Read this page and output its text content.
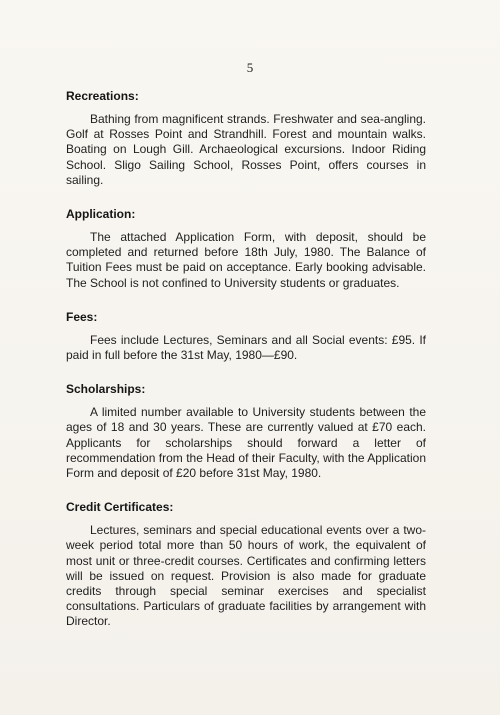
5
Recreations:

Bathing from magnificent strands. Freshwater and sea-angling. Golf at Rosses Point and Strandhill. Forest and mountain walks. Boating on Lough Gill. Archaeological excursions. Indoor Riding School. Sligo Sailing School, Rosses Point, offers courses in sailing.

Application:

The attached Application Form, with deposit, should be completed and returned before 18th July, 1980. The Balance of Tuition Fees must be paid on acceptance. Early booking advisable. The School is not confined to University students or graduates.

Fees:

Fees include Lectures, Seminars and all Social events: £95. If paid in full before the 31st May, 1980—£90.

Scholarships:

A limited number available to University students between the ages of 18 and 30 years. These are currently valued at £70 each. Applicants for scholarships should forward a letter of recommendation from the Head of their Faculty, with the Application Form and deposit of £20 before 31st May, 1980.

Credit Certificates:

Lectures, seminars and special educational events over a two-week period total more than 50 hours of work, the equivalent of most unit or three-credit courses. Certificates and confirming letters will be issued on request. Provision is also made for graduate credits through special seminar exercises and specialist consultations. Particulars of graduate facilities by arrangement with Director.
